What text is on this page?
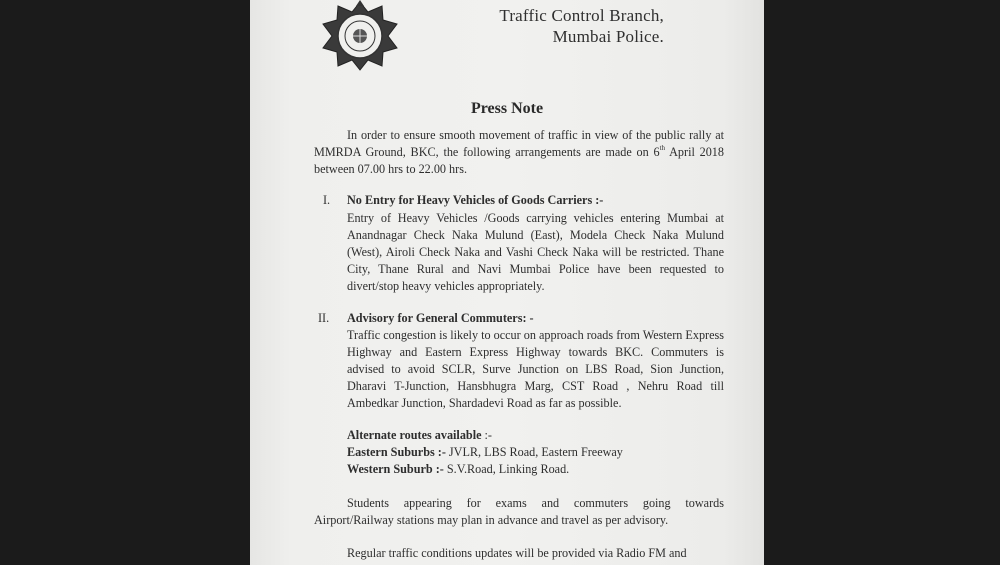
Traffic Control Branch,
Mumbai Police.
Press Note
In order to ensure smooth movement of traffic in view of the public rally at MMRDA Ground, BKC, the following arrangements are made on 6th April 2018 between 07.00 hrs to 22.00 hrs.
I. No Entry for Heavy Vehicles of Goods Carriers :-
Entry of Heavy Vehicles /Goods carrying vehicles entering Mumbai at Anandnagar Check Naka Mulund (East), Modela Check Naka Mulund (West), Airoli Check Naka and Vashi Check Naka will be restricted. Thane City, Thane Rural and Navi Mumbai Police have been requested to divert/stop heavy vehicles appropriately.
II. Advisory for General Commuters: -
Traffic congestion is likely to occur on approach roads from Western Express Highway and Eastern Express Highway towards BKC. Commuters is advised to avoid SCLR, Surve Junction on LBS Road, Sion Junction, Dharavi T-Junction, Hansbhugra Marg, CST Road , Nehru Road till Ambedkar Junction, Shardadevi Road as far as possible.
Alternate routes available :-
Eastern Suburbs :- JVLR, LBS Road, Eastern Freeway
Western Suburb :- S.V.Road, Linking Road.
Students appearing for exams and commuters going towards Airport/Railway stations may plan in advance and travel as per advisory.
Regular traffic conditions updates will be provided via Radio FM and
